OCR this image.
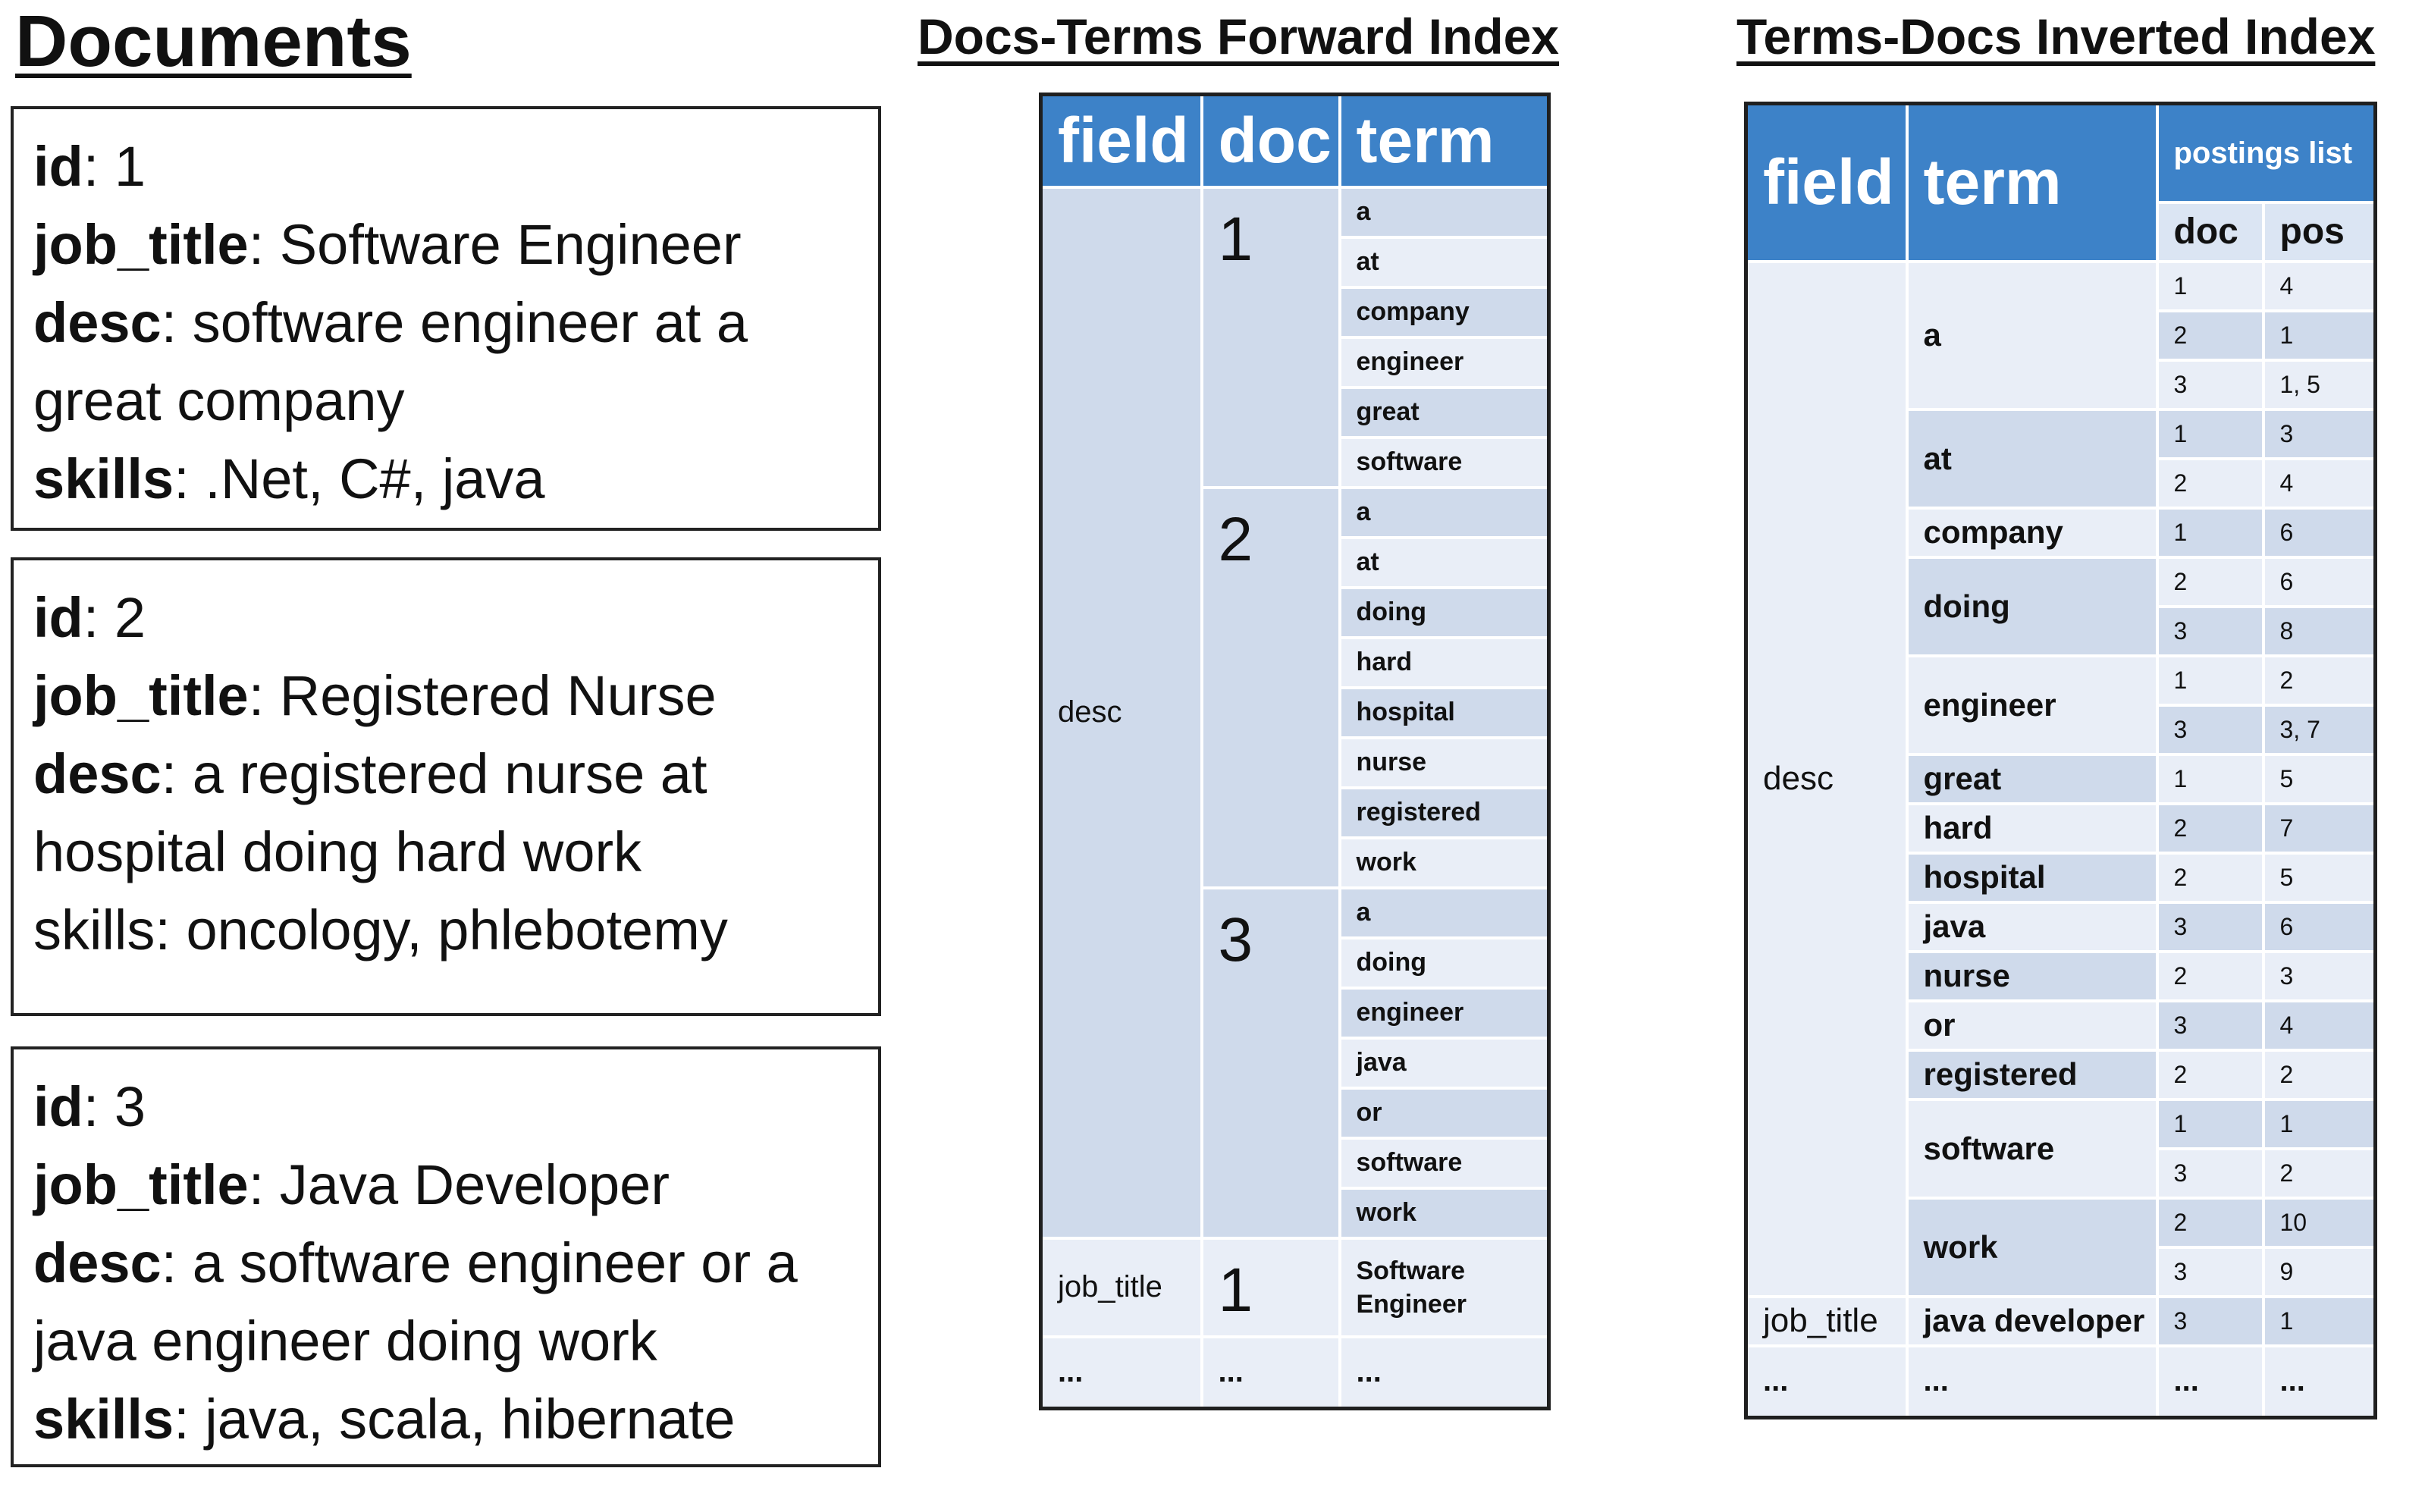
Documents	Docs-Terms Forward Index	Terms-Docs Inverted Index
id: 1
job_title: Software Engineer
desc: software engineer at a
great company
skills: .Net, C#, java
id: 2
job_title: Registered Nurse
desc: a registered nurse at
hospital doing hard work
skills: oncology, phlebotemy
id: 3
job_title: Java Developer
desc: a software engineer or a
java engineer doing work
skills: java, scala, hibernate
field	doc	term
desc	1	a
		at
		company
		engineer
		great
		software
	2	a
		at
		doing
		hard
		hospital
		nurse
		registered
		work
	3	a
		doing
		engineer
		java
		or
		software
		work
job_title	1	Software Engineer
...	...	...
field	term	postings list	
		doc	pos
desc	a	1	4
		2	1
		3	1, 5
	at	1	3
		2	4
	company	1	6
	doing	2	6
		3	8
	engineer	1	2
		3	3, 7
	great	1	5
	hard	2	7
	hospital	2	5
	java	3	6
	nurse	2	3
	or	3	4
	registered	2	2
	software	1	1
		3	2
	work	2	10
		3	9
job_title	java developer	3	1
...	...	...	...
